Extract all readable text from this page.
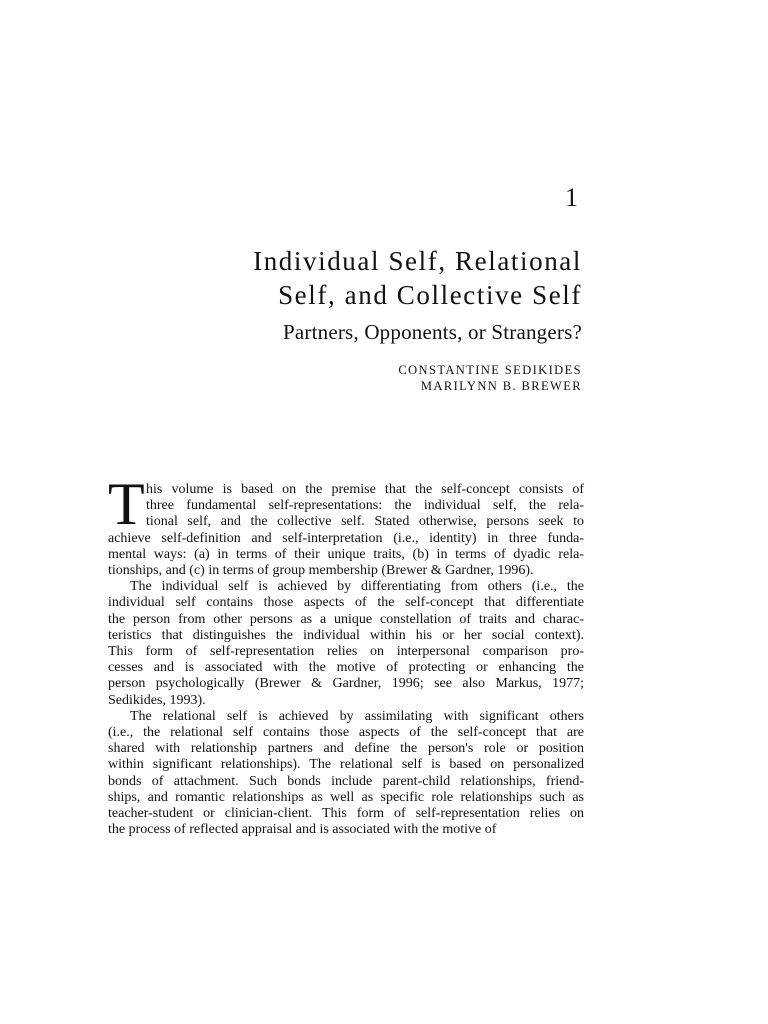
1
Individual Self, Relational
Self, and Collective Self
Partners, Opponents, or Strangers?
CONSTANTINE SEDIKIDES
MARILYNN B. BREWER
T his volume is based on the premise that the self-concept consists of
three fundamental self-representations: the individual self, the rela-
tional self, and the collective self. Stated otherwise, persons seek to
achieve self-definition and self-interpretation (i.e., identity) in three funda-
mental ways: (a) in terms of their unique traits, (b) in terms of dyadic rela-
tionships, and (c) in terms of group membership (Brewer & Gardner, 1996).
The individual self is achieved by differentiating from others (i.e., the
individual self contains those aspects of the self-concept that differentiate
the person from other persons as a unique constellation of traits and charac-
teristics that distinguishes the individual within his or her social context).
This form of self-representation relies on interpersonal comparison pro-
cesses and is associated with the motive of protecting or enhancing the
person psychologically (Brewer & Gardner, 1996; see also Markus, 1977;
Sedikides, 1993).
The relational self is achieved by assimilating with significant others
(i.e., the relational self contains those aspects of the self-concept that are
shared with relationship partners and define the person's role or position
within significant relationships). The relational self is based on personalized
bonds of attachment. Such bonds include parent-child relationships, friend-
ships, and romantic relationships as well as specific role relationships such as
teacher-student or clinician-client. This form of self-representation relies on
the process of reflected appraisal and is associated with the motive of
